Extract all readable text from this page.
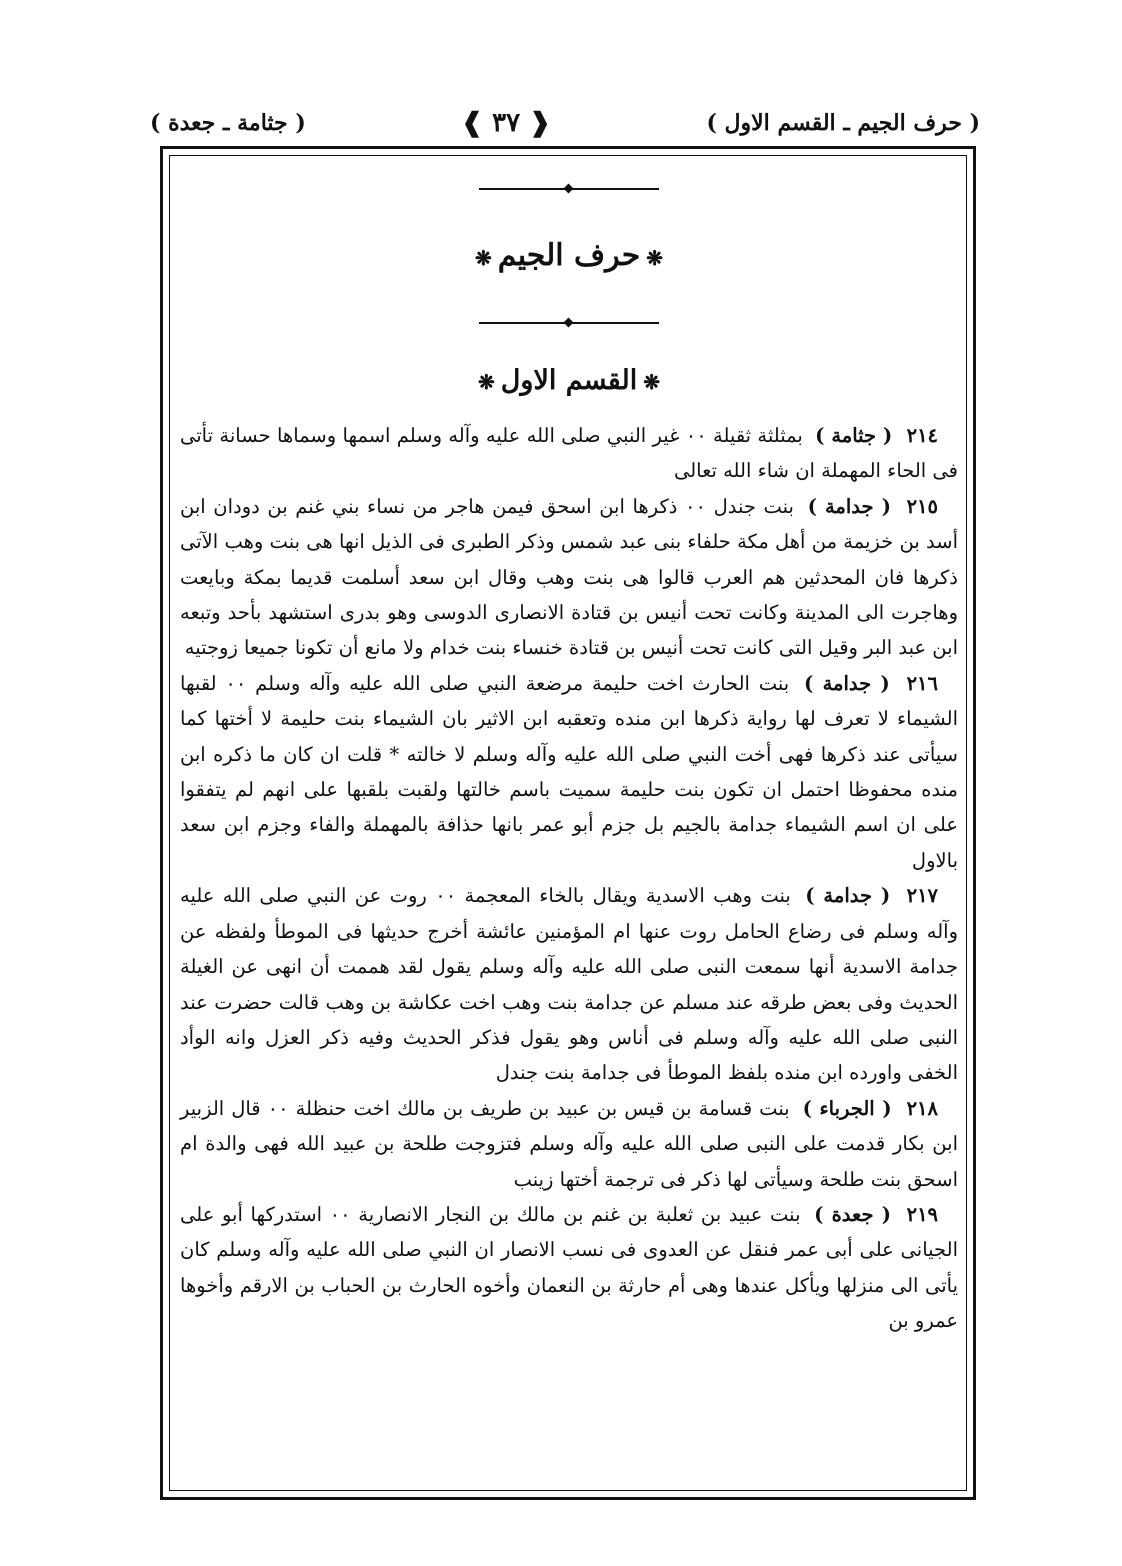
( حرف الجيم ـ القسم الاول )
❰ ٣٧ ❱
( جثامة ـ جعدة )
❋حرف الجيم❋
❋القسم الاول❋

٢١٤ ( جثامة ) بمثلثة ثقيلة ٠٠ غير النبي صلى الله عليه وآله وسلم اسمها وسماها حسانة تأتى فى الحاء المهملة ان شاء الله تعالى

٢١٥ ( جدامة ) بنت جندل ٠٠ ذكرها ابن اسحق فيمن هاجر من نساء بني غنم بن دودان ابن أسد بن خزيمة من أهل مكة حلفاء بنى عبد شمس وذكر الطبرى فى الذيل انها هى بنت وهب الآتى ذكرها فان المحدثين هم العرب قالوا هى بنت وهب وقال ابن سعد أسلمت قديما بمكة وبايعت وهاجرت الى المدينة وكانت تحت أنيس بن قتادة الانصارى الدوسى وهو بدرى استشهد بأحد وتبعه ابن عبد البر وقيل التى كانت تحت أنيس بن قتادة خنساء بنت خدام ولا مانع أن تكونا جميعا زوجتيه

٢١٦ ( جدامة ) بنت الحارث اخت حليمة مرضعة النبي صلى الله عليه وآله وسلم ٠٠ لقبها الشيماء لا تعرف لها رواية ذكرها ابن منده وتعقبه ابن الاثير بان الشيماء بنت حليمة لا أختها كما سيأتى عند ذكرها فهى أخت النبي صلى الله عليه وآله وسلم لا خالته * قلت ان كان ما ذكره ابن منده محفوظا احتمل ان تكون بنت حليمة سميت باسم خالتها ولقبت بلقبها على انهم لم يتفقوا على ان اسم الشيماء جدامة بالجيم بل جزم أبو عمر بانها حذافة بالمهملة والفاء وجزم ابن سعد بالاول

٢١٧ ( جدامة ) بنت وهب الاسدية ويقال بالخاء المعجمة ٠٠ روت عن النبي صلى الله عليه وآله وسلم فى رضاع الحامل روت عنها ام المؤمنين عائشة أخرج حديثها فى الموطأ ولفظه عن جدامة الاسدية أنها سمعت النبى صلى الله عليه وآله وسلم يقول لقد هممت أن انهى عن الغيلة الحديث وفى بعض طرقه عند مسلم عن جدامة بنت وهب اخت عكاشة بن وهب قالت حضرت عند النبى صلى الله عليه وآله وسلم فى أناس وهو يقول فذكر الحديث وفيه ذكر العزل وانه الوأد الخفى واورده ابن منده بلفظ الموطأ فى جدامة بنت جندل

٢١٨ ( الجرباء ) بنت قسامة بن قيس بن عبيد بن طريف بن مالك اخت حنظلة ٠٠ قال الزبير ابن بكار قدمت على النبى صلى الله عليه وآله وسلم فتزوجت طلحة بن عبيد الله فهى والدة ام اسحق بنت طلحة وسيأتى لها ذكر فى ترجمة أختها زينب

٢١٩ ( جعدة ) بنت عبيد بن ثعلبة بن غنم بن مالك بن النجار الانصارية ٠٠ استدركها أبو على الجيانى على أبى عمر فنقل عن العدوى فى نسب الانصار ان النبي صلى الله عليه وآله وسلم كان يأتى الى منزلها ويأكل عندها وهى أم حارثة بن النعمان وأخوه الحارث بن الحباب بن الارقم وأخوها عمرو بن
